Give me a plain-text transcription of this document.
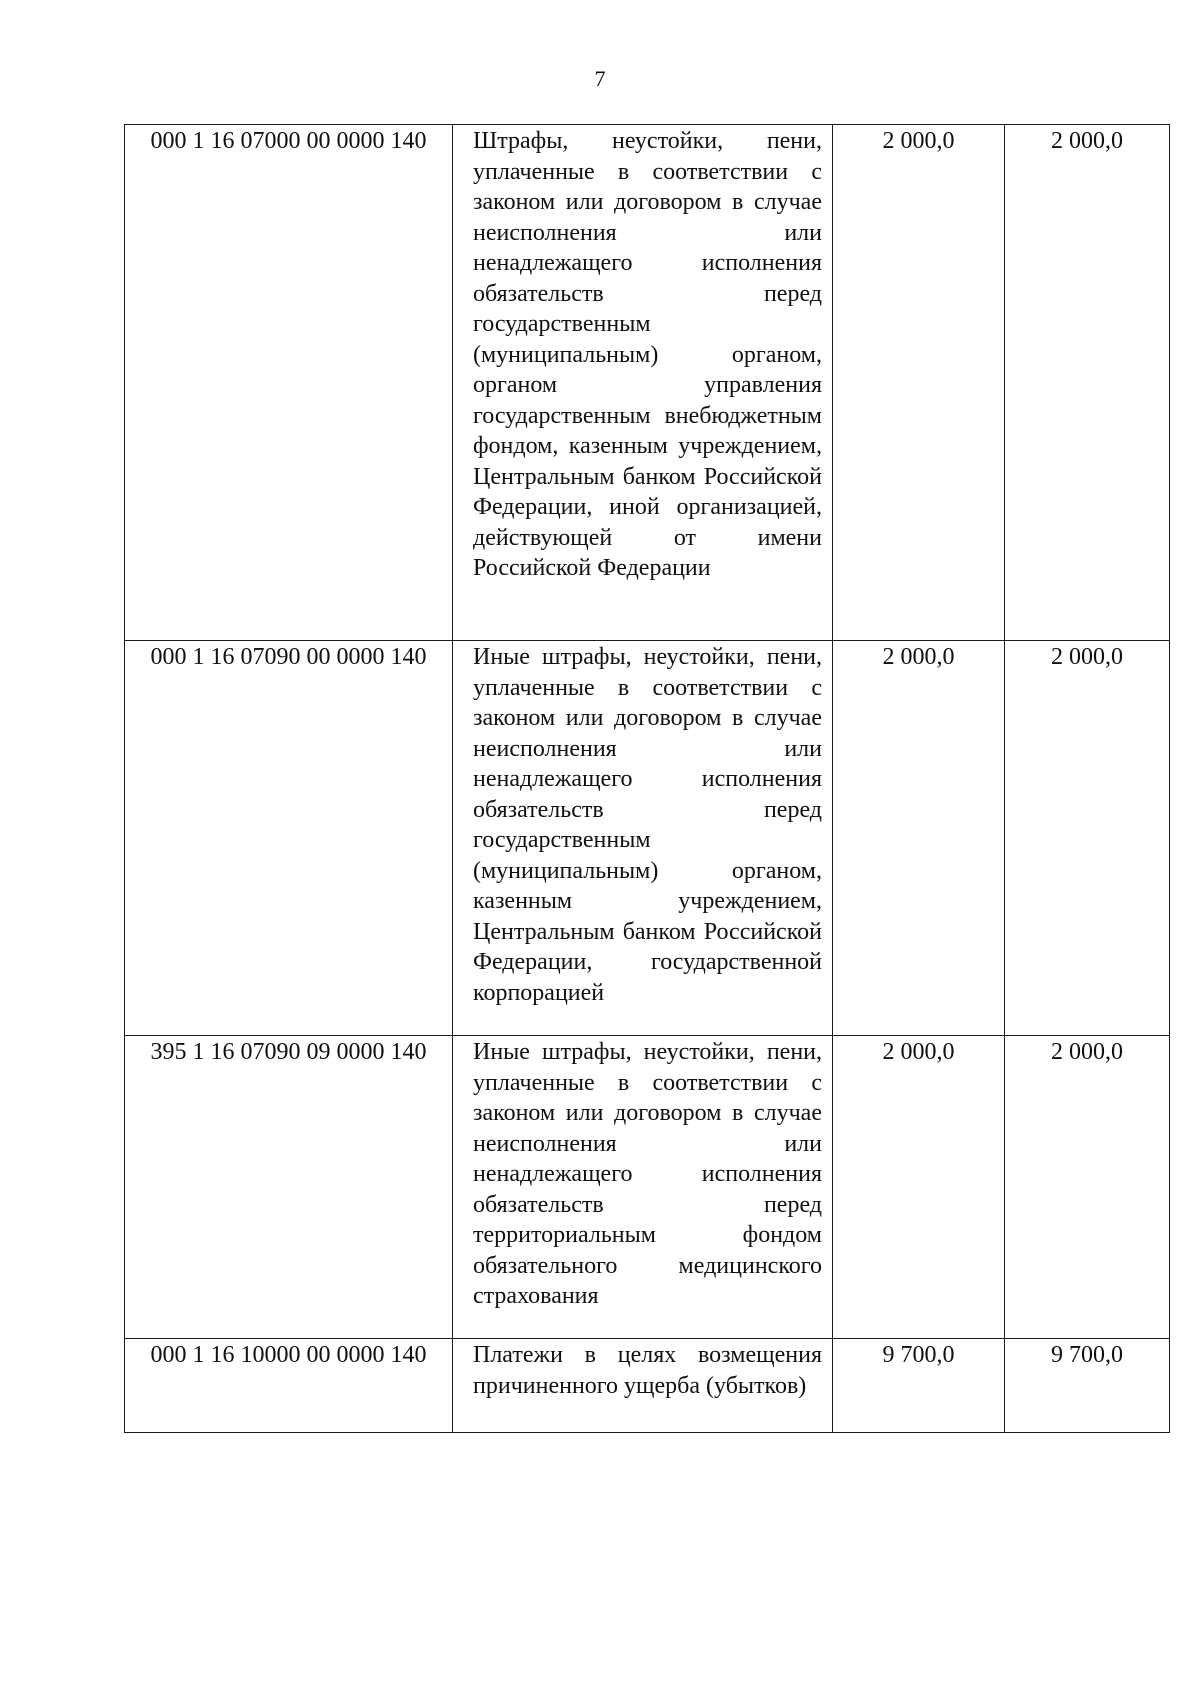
7
000 1 16 07000 00 0000 140	Штрафы, неустойки, пени, уплаченные в соответствии с законом или договором в случае неисполнения или ненадлежащего исполнения обязательств перед государственным (муниципальным) органом, органом управления государственным внебюджетным фондом, казенным учреждением, Центральным банком Российской Федерации, иной организацией, действующей от имени Российской Федерации	2 000,0	2 000,0
000 1 16 07090 00 0000 140	Иные штрафы, неустойки, пени, уплаченные в соответствии с законом или договором в случае неисполнения или ненадлежащего исполнения обязательств перед государственным (муниципальным) органом, казенным учреждением, Центральным банком Российской Федерации, государственной корпорацией	2 000,0	2 000,0
395 1 16 07090 09 0000 140	Иные штрафы, неустойки, пени, уплаченные в соответствии с законом или договором в случае неисполнения или ненадлежащего исполнения обязательств перед территориальным фондом обязательного медицинского страхования	2 000,0	2 000,0
000 1 16 10000 00 0000 140	Платежи в целях возмещения причиненного ущерба (убытков)	9 700,0	9 700,0
